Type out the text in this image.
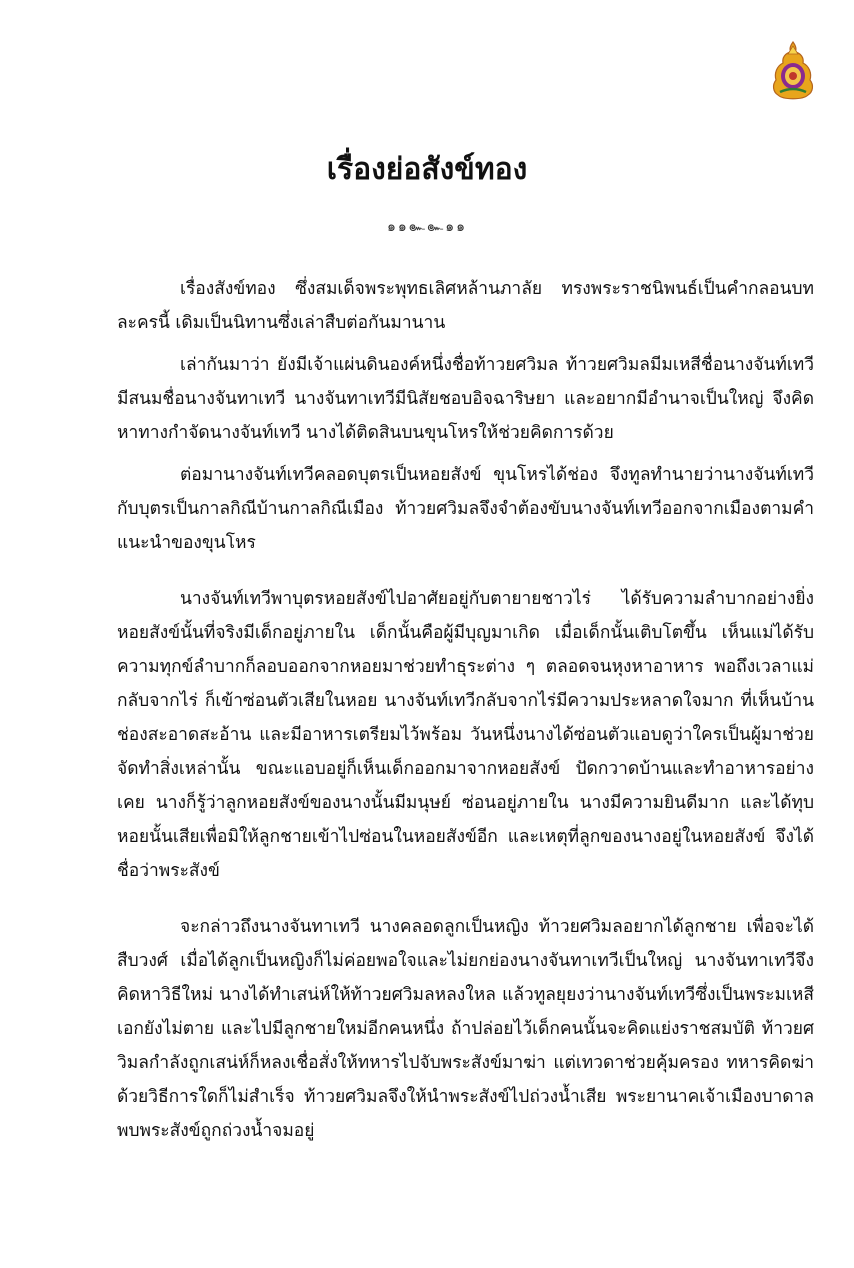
เรื่องย่อสังข์ทอง
๑๑๛๛๑๑

เรื่องสังข์ทอง ซึ่งสมเด็จพระพุทธเลิศหล้านภาลัย ทรงพระราชนิพนธ์เป็นคำกลอนบทละครนี้ เดิมเป็นนิทานซึ่งเล่าสืบต่อกันมานาน

เล่ากันมาว่า ยังมีเจ้าแผ่นดินองค์หนึ่งชื่อท้าวยศวิมล ท้าวยศวิมลมีมเหสีชื่อนางจันท์เทวี มีสนมชื่อนางจันทาเทวี นางจันทาเทวีมีนิสัยชอบอิจฉาริษยา และอยากมีอำนาจเป็นใหญ่ จึงคิดหาทางกำจัดนางจันท์เทวี นางได้ติดสินบนขุนโหรให้ช่วยคิดการด้วย

ต่อมานางจันท์เทวีคลอดบุตรเป็นหอยสังข์ ขุนโหรได้ช่อง จึงทูลทำนายว่านางจันท์เทวีกับบุตรเป็นกาลกิณีบ้านกาลกิณีเมือง ท้าวยศวิมลจึงจำต้องขับนางจันท์เทวีออกจากเมืองตามคำแนะนำของขุนโหร

นางจันท์เทวีพาบุตรหอยสังข์ไปอาศัยอยู่กับตายายชาวไร่ ได้รับความลำบากอย่างยิ่ง หอยสังข์นั้นที่จริงมีเด็กอยู่ภายใน เด็กนั้นคือผู้มีบุญมาเกิด เมื่อเด็กนั้นเติบโตขึ้น เห็นแม่ได้รับความทุกข์ลำบากก็ลอบออกจากหอยมาช่วยทำธุระต่าง ๆ ตลอดจนหุงหาอาหาร พอถึงเวลาแม่กลับจากไร่ ก็เข้าซ่อนตัวเสียในหอย นางจันท์เทวีกลับจากไร่มีความประหลาดใจมาก ที่เห็นบ้านช่องสะอาดสะอ้าน และมีอาหารเตรียมไว้พร้อม วันหนึ่งนางได้ซ่อนตัวแอบดูว่าใครเป็นผู้มาช่วยจัดทำสิ่งเหล่านั้น ขณะแอบอยู่ก็เห็นเด็กออกมาจากหอยสังข์ ปัดกวาดบ้านและทำอาหารอย่างเคย นางก็รู้ว่าลูกหอยสังข์ของนางนั้นมีมนุษย์ ซ่อนอยู่ภายใน นางมีความยินดีมาก และได้ทุบหอยนั้นเสียเพื่อมิให้ลูกชายเข้าไปซ่อนในหอยสังข์อีก และเหตุที่ลูกของนางอยู่ในหอยสังข์ จึงได้ชื่อว่าพระสังข์

จะกล่าวถึงนางจันทาเทวี นางคลอดลูกเป็นหญิง ท้าวยศวิมลอยากได้ลูกชาย เพื่อจะได้สืบวงศ์ เมื่อได้ลูกเป็นหญิงก็ไม่ค่อยพอใจและไม่ยกย่องนางจันทาเทวีเป็นใหญ่ นางจันทาเทวีจึงคิดหาวิธีใหม่ นางได้ทำเสน่ห์ให้ท้าวยศวิมลหลงใหล แล้วทูลยุยงว่านางจันท์เทวีซึ่งเป็นพระมเหสีเอกยังไม่ตาย และไปมีลูกชายใหม่อีกคนหนึ่ง ถ้าปล่อยไว้เด็กคนนั้นจะคิดแย่งราชสมบัติ ท้าวยศวิมลกำลังถูกเสน่ห์ก็หลงเชื่อสั่งให้ทหารไปจับพระสังข์มาฆ่า แต่เทวดาช่วยคุ้มครอง ทหารคิดฆ่าด้วยวิธีการใดก็ไม่สำเร็จ ท้าวยศวิมลจึงให้นำพระสังข์ไปถ่วงน้ำเสีย พระยานาคเจ้าเมืองบาดาลพบพระสังข์ถูกถ่วงน้ำจมอยู่
